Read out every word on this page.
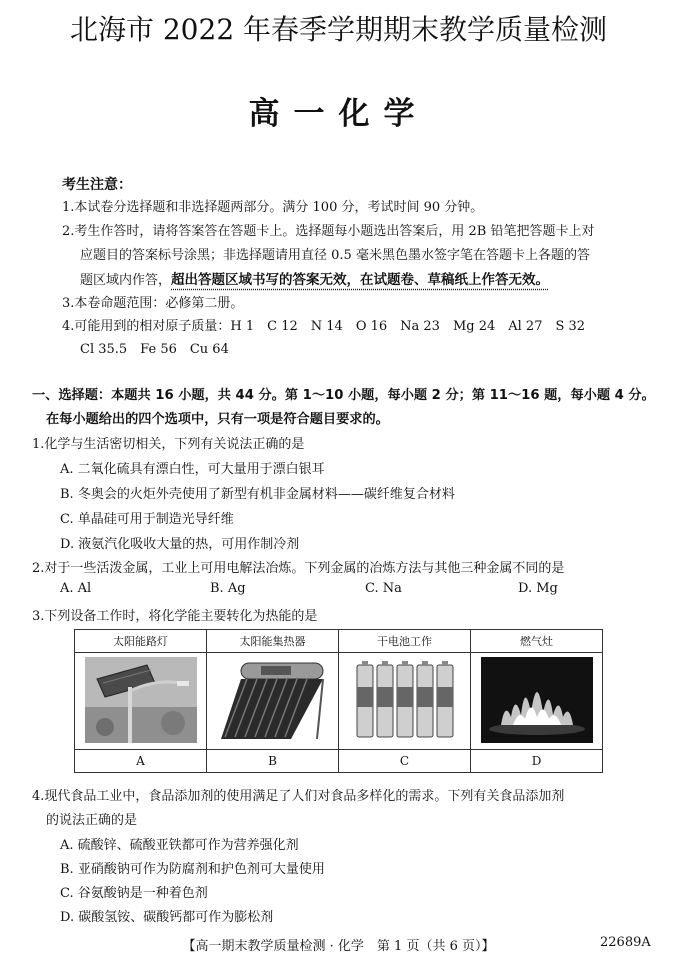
北海市 2022 年春季学期期末教学质量检测
高一化学
考生注意：
1.本试卷分选择题和非选择题两部分。满分 100 分，考试时间 90 分钟。
2.考生作答时，请将答案答在答题卡上。选择题每小题选出答案后，用 2B 铅笔把答题卡上对
应题目的答案标号涂黑；非选择题请用直径 0.5 毫米黑色墨水签字笔在答题卡上各题的答
题区域内作答，超出答题区域书写的答案无效，在试题卷、草稿纸上作答无效。
3.本卷命题范围：必修第二册。
4.可能用到的相对原子质量：H 1　C 12　N 14　O 16　Na 23　Mg 24　Al 27　S 32
Cl 35.5　Fe 56　Cu 64
一、选择题：本题共 16 小题，共 44 分。第 1～10 小题，每小题 2 分；第 11～16 题，每小题 4 分。
在每小题给出的四个选项中，只有一项是符合题目要求的。
1.化学与生活密切相关，下列有关说法正确的是
A. 二氧化硫具有漂白性，可大量用于漂白银耳
B. 冬奥会的火炬外壳使用了新型有机非金属材料——碳纤维复合材料
C. 单晶硅可用于制造光导纤维
D. 液氨汽化吸收大量的热，可用作制冷剂
2.对于一些活泼金属，工业上可用电解法冶炼。下列金属的冶炼方法与其他三种金属不同的是
A. Al	B. Ag	C. Na	D. Mg
3.下列设备工作时，将化学能主要转化为热能的是
太阳能路灯	太阳能集热器	干电池工作	燃气灶

A	B	C	D
4.现代食品工业中，食品添加剂的使用满足了人们对食品多样化的需求。下列有关食品添加剂
的说法正确的是
A. 硫酸锌、硫酸亚铁都可作为营养强化剂
B. 亚硝酸钠可作为防腐剂和护色剂可大量使用
C. 谷氨酸钠是一种着色剂
D. 碳酸氢铵、碳酸钙都可作为膨松剂
【高一期末教学质量检测 · 化学　第 1 页（共 6 页）】	22689A
